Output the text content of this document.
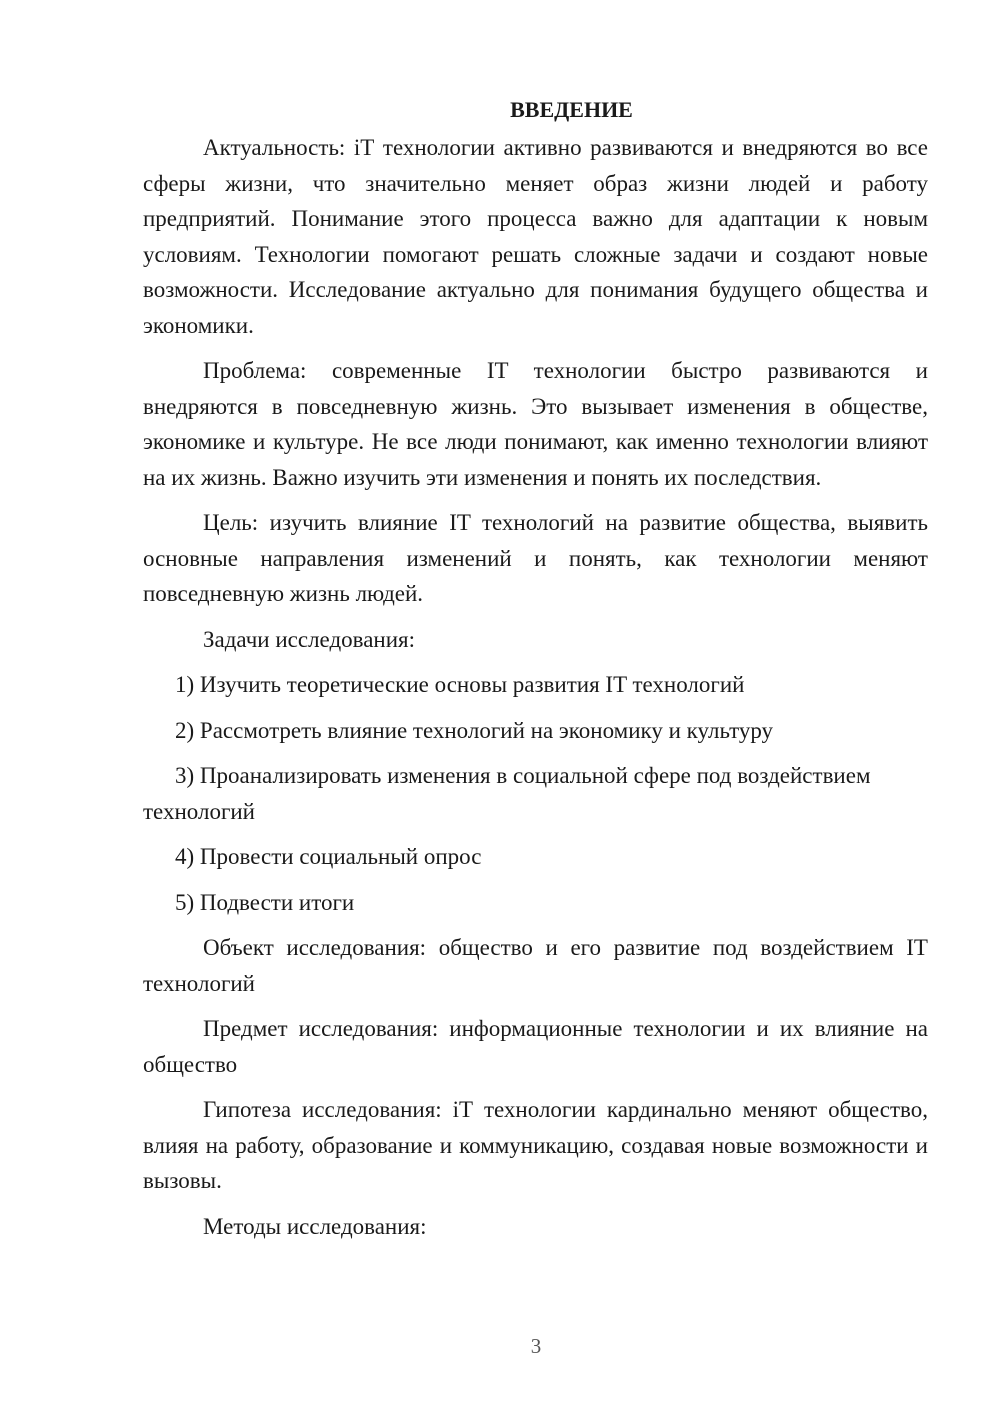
ВВЕДЕНИЕ

Актуальность: iТ технологии активно развиваются и внедряются во все сферы жизни, что значительно меняет образ жизни людей и работу предприятий. Понимание этого процесса важно для адаптации к новым условиям. Технологии помогают решать сложные задачи и создают новые возможности. Исследование актуально для понимания будущего общества и экономики.

Проблема: современные IT технологии быстро развиваются и внедряются в повседневную жизнь. Это вызывает изменения в обществе, экономике и культуре. Не все люди понимают, как именно технологии влияют на их жизнь. Важно изучить эти изменения и понять их последствия.

Цель: изучить влияние IT технологий на развитие общества, выявить основные направления изменений и понять, как технологии меняют повседневную жизнь людей.

Задачи исследования:

1) Изучить теоретические основы развития IT технологий

2) Рассмотреть влияние технологий на экономику и культуру

3) Проанализировать изменения в социальной сфере под воздействием технологий

4) Провести социальный опрос

5) Подвести итоги

Объект исследования: общество и его развитие под воздействием IT технологий

Предмет исследования: информационные технологии и их влияние на общество

Гипотеза исследования: iТ технологии кардинально меняют общество, влияя на работу, образование и коммуникацию, создавая новые возможности и вызовы.

Методы исследования:

3
